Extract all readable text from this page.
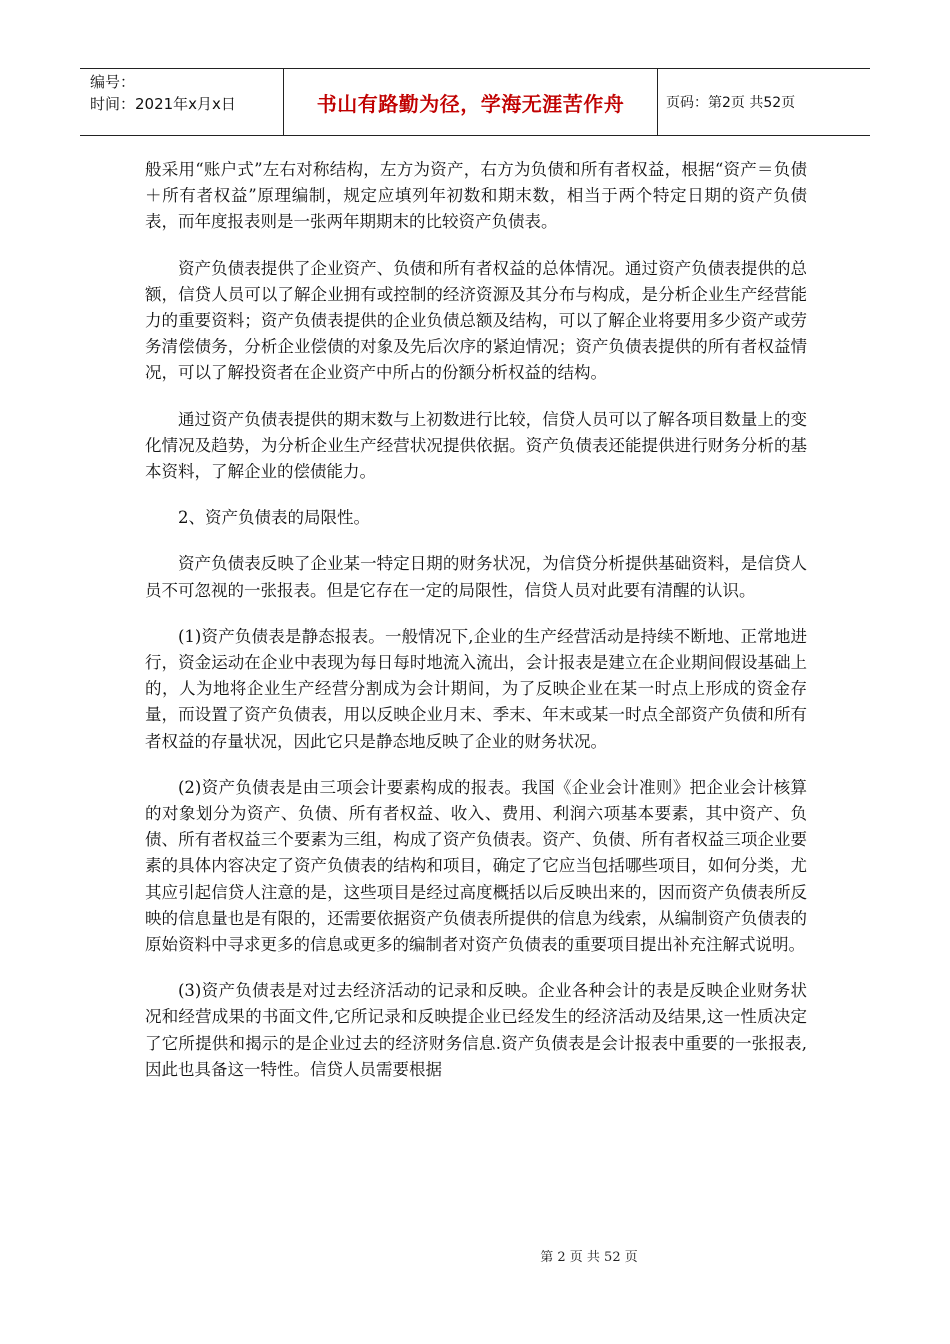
编号：
时间：2021年x月x日	书山有路勤为径，学海无涯苦作舟	页码：第2页 共52页

般采用“账户式”左右对称结构，左方为资产，右方为负债和所有者权益，根据“资产＝负债＋所有者权益”原理编制，规定应填列年初数和期末数，相当于两个特定日期的资产负债表，而年度报表则是一张两年期期末的比较资产负债表。

资产负债表提供了企业资产、负债和所有者权益的总体情况。通过资产负债表提供的总额，信贷人员可以了解企业拥有或控制的经济资源及其分布与构成，是分析企业生产经营能力的重要资料；资产负债表提供的企业负债总额及结构，可以了解企业将要用多少资产或劳务清偿债务，分析企业偿债的对象及先后次序的紧迫情况；资产负债表提供的所有者权益情况，可以了解投资者在企业资产中所占的份额分析权益的结构。

通过资产负债表提供的期末数与上初数进行比较，信贷人员可以了解各项目数量上的变化情况及趋势，为分析企业生产经营状况提供依据。资产负债表还能提供进行财务分析的基本资料，了解企业的偿债能力。

2、资产负债表的局限性。

资产负债表反映了企业某一特定日期的财务状况，为信贷分析提供基础资料，是信贷人员不可忽视的一张报表。但是它存在一定的局限性，信贷人员对此要有清醒的认识。

(1)资产负债表是静态报表。一般情况下,企业的生产经营活动是持续不断地、正常地进行，资金运动在企业中表现为每日每时地流入流出，会计报表是建立在企业期间假设基础上的，人为地将企业生产经营分割成为会计期间，为了反映企业在某一时点上形成的资金存量，而设置了资产负债表，用以反映企业月末、季末、年末或某一时点全部资产负债和所有者权益的存量状况，因此它只是静态地反映了企业的财务状况。

(2)资产负债表是由三项会计要素构成的报表。我国《企业会计准则》把企业会计核算的对象划分为资产、负债、所有者权益、收入、费用、利润六项基本要素，其中资产、负债、所有者权益三个要素为三组，构成了资产负债表。资产、负债、所有者权益三项企业要素的具体内容决定了资产负债表的结构和项目，确定了它应当包括哪些项目，如何分类，尤其应引起信贷人注意的是，这些项目是经过高度概括以后反映出来的，因而资产负债表所反映的信息量也是有限的，还需要依据资产负债表所提供的信息为线索，从编制资产负债表的原始资料中寻求更多的信息或更多的编制者对资产负债表的重要项目提出补充注解式说明。

(3)资产负债表是对过去经济活动的记录和反映。企业各种会计的表是反映企业财务状况和经营成果的书面文件,它所记录和反映提企业已经发生的经济活动及结果,这一性质决定了它所提供和揭示的是企业过去的经济财务信息.资产负债表是会计报表中重要的一张报表,因此也具备这一特性。信贷人员需要根据

第 2 页 共 52 页
